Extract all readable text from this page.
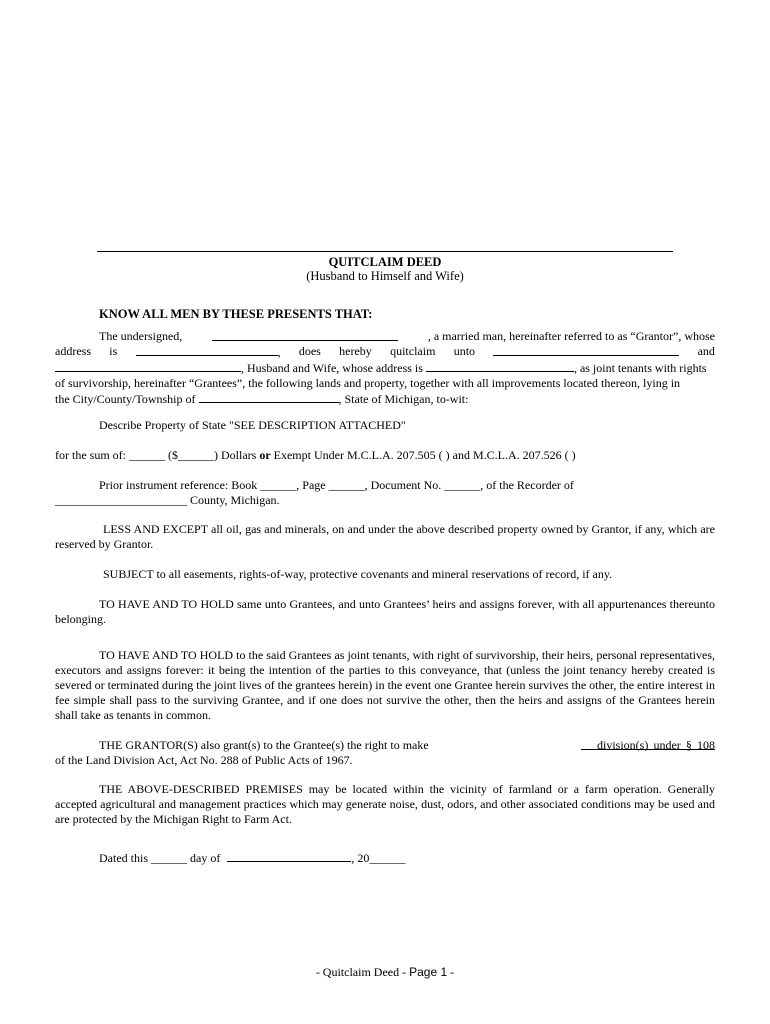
QUITCLAIM DEED
(Husband to Himself and Wife)
KNOW ALL MEN BY THESE PRESENTS THAT:
The undersigned,	, a married man, hereinafter referred to as “Grantor”, whose
address is	, does hereby quitclaim unto	and
, Husband and Wife, whose address is	, as joint tenants with rights
of survivorship, hereinafter “Grantees”, the following lands and property, together with all improvements located thereon, lying in
the City/County/Township of	, State of Michigan, to-wit:
Describe Property of State "SEE DESCRIPTION ATTACHED"
for the sum of: ______ ($______) Dollars or Exempt Under M.C.L.A. 207.505 ( ) and M.C.L.A. 207.526 ( )
Prior instrument reference: Book ______, Page ______, Document No. ______, of the Recorder of
______________________ County, Michigan.
LESS AND EXCEPT all oil, gas and minerals, on and under the above described property owned by Grantor, if any, which are reserved by Grantor.
SUBJECT to all easements, rights-of-way, protective covenants and mineral reservations of record, if any.
TO HAVE AND TO HOLD same unto Grantees, and unto Grantees’ heirs and assigns forever, with all appurtenances thereunto belonging.
TO HAVE AND TO HOLD to the said Grantees as joint tenants, with right of survivorship, their heirs, personal representatives, executors and assigns forever: it being the intention of the parties to this conveyance, that (unless the joint tenancy hereby created is severed or terminated during the joint lives of the grantees herein) in the event one Grantee herein survives the other, the entire interest in fee simple shall pass to the surviving Grantee, and if one does not survive the other, then the heirs and assigns of the Grantees herein shall take as tenants in common.
THE GRANTOR(S) also grant(s) to the Grantee(s) the right to make	division(s) under § 108 of the Land Division Act, Act No. 288 of Public Acts of 1967.
THE ABOVE-DESCRIBED PREMISES may be located within the vicinity of farmland or a farm operation. Generally accepted agricultural and management practices which may generate noise, dust, odors, and other associated conditions may be used and are protected by the Michigan Right to Farm Act.
Dated this ______ day of	, 20______
- Quitclaim Deed - Page 1 -
